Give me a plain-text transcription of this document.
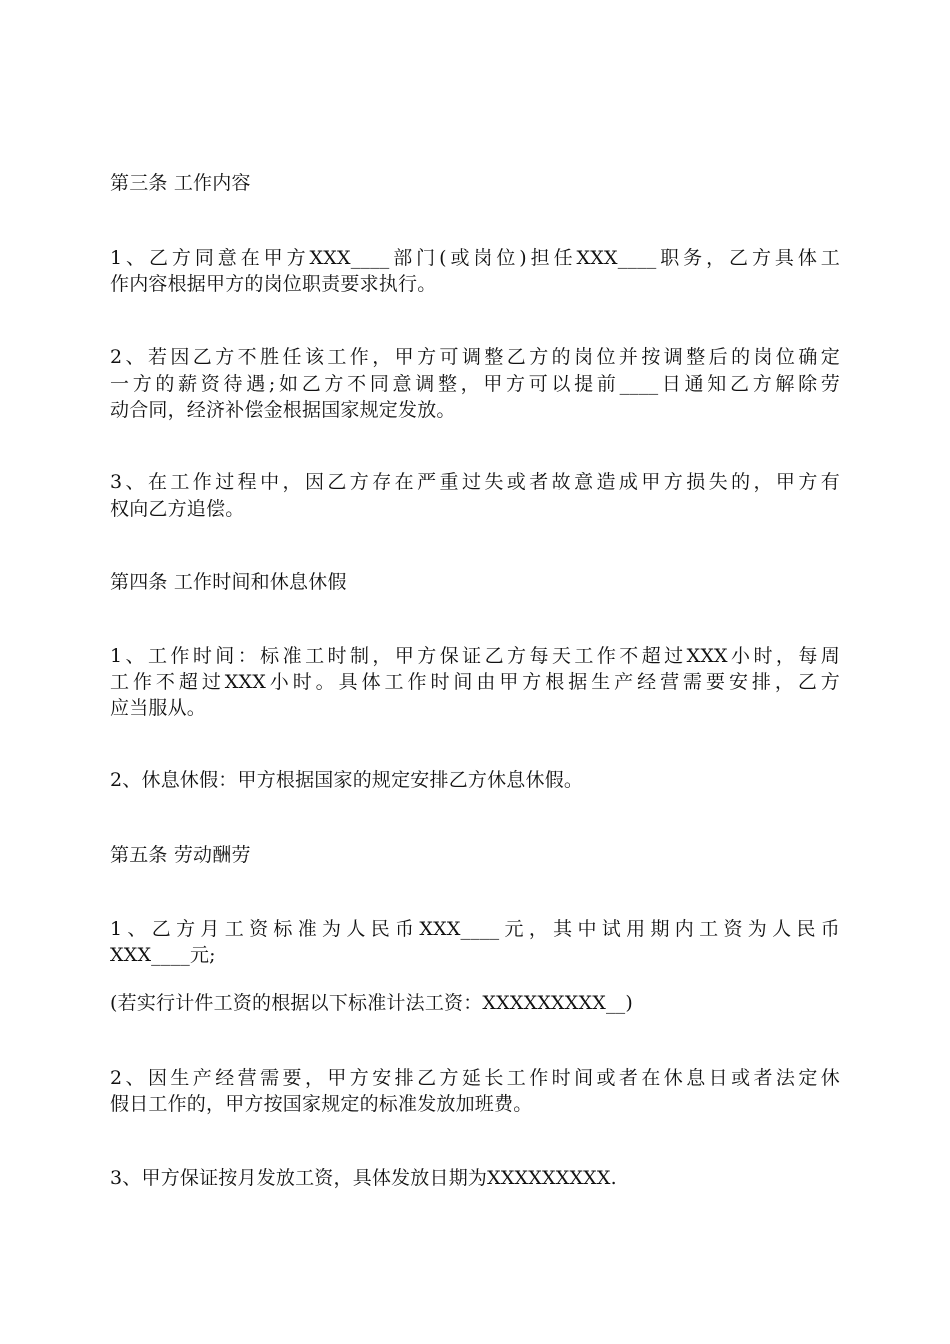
第三条 工作内容
1、乙方同意在甲方XXX____部门(或岗位)担任XXX____职务，乙方具体工
作内容根据甲方的岗位职责要求执行。
2、若因乙方不胜任该工作，甲方可调整乙方的岗位并按调整后的岗位确定
一方的薪资待遇;如乙方不同意调整，甲方可以提前____日通知乙方解除劳
动合同，经济补偿金根据国家规定发放。
3、在工作过程中，因乙方存在严重过失或者故意造成甲方损失的，甲方有
权向乙方追偿。
第四条 工作时间和休息休假
1、工作时间：标准工时制，甲方保证乙方每天工作不超过XXX小时，每周
工作不超过XXX小时。具体工作时间由甲方根据生产经营需要安排，乙方
应当服从。
2、休息休假：甲方根据国家的规定安排乙方休息休假。
第五条 劳动酬劳
1、乙方月工资标准为人民币XXX____元，其中试用期内工资为人民币
XXX____元;
(若实行计件工资的根据以下标准计法工资：XXXXXXXXX__)
2、因生产经营需要，甲方安排乙方延长工作时间或者在休息日或者法定休
假日工作的，甲方按国家规定的标准发放加班费。
3、甲方保证按月发放工资，具体发放日期为XXXXXXXXX.
